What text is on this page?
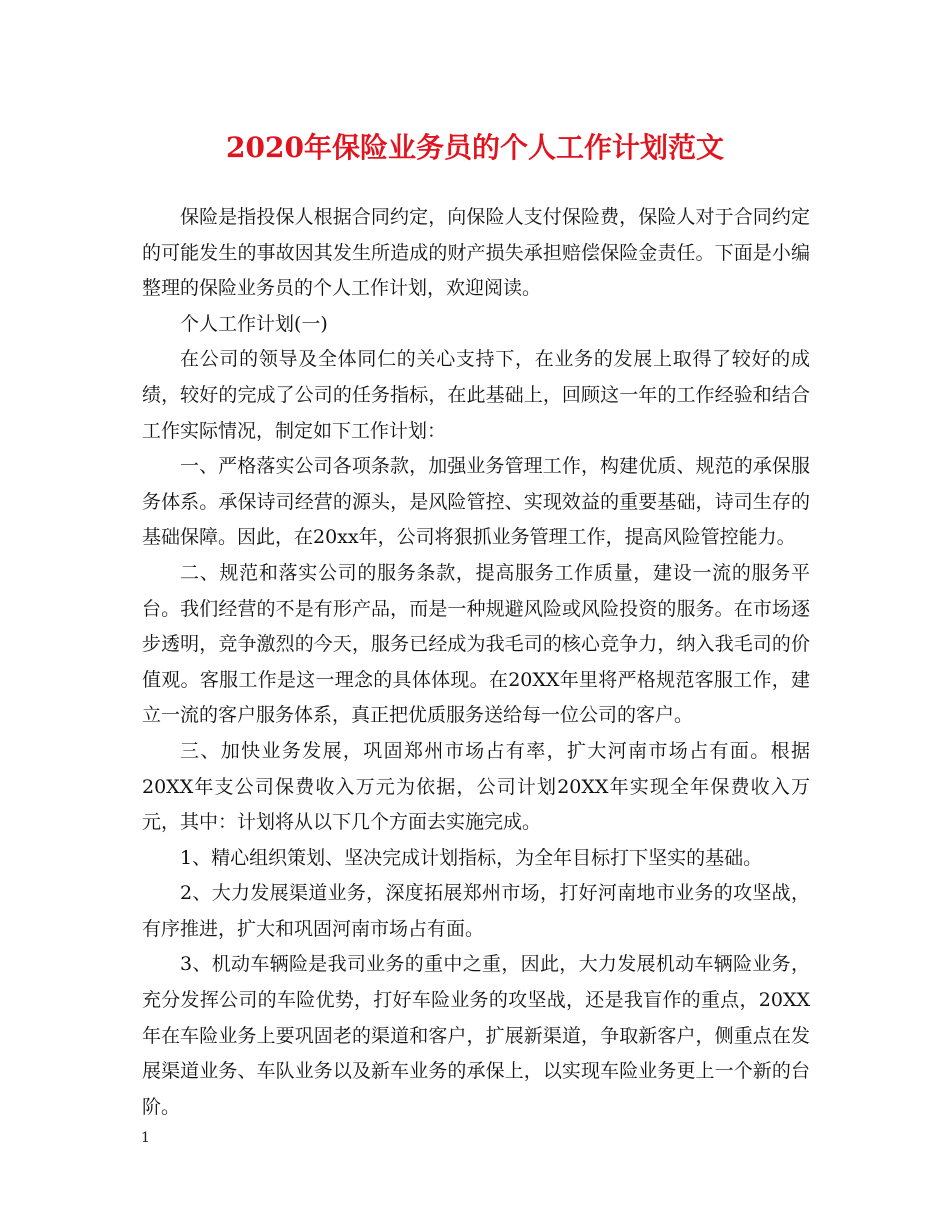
2020年保险业务员的个人工作计划范文

保险是指投保人根据合同约定，向保险人支付保险费，保险人对于合同约定的可能发生的事故因其发生所造成的财产损失承担赔偿保险金责任。下面是小编整理的保险业务员的个人工作计划，欢迎阅读。

个人工作计划(一)

在公司的领导及全体同仁的关心支持下，在业务的发展上取得了较好的成绩，较好的完成了公司的任务指标，在此基础上，回顾这一年的工作经验和结合工作实际情况，制定如下工作计划：

一、严格落实公司各项条款，加强业务管理工作，构建优质、规范的承保服务体系。承保诗司经营的源头，是风险管控、实现效益的重要基础，诗司生存的基础保障。因此，在20xx年，公司将狠抓业务管理工作，提高风险管控能力。

二、规范和落实公司的服务条款，提高服务工作质量，建设一流的服务平台。我们经营的不是有形产品，而是一种规避风险或风险投资的服务。在市场逐步透明，竞争激烈的今天，服务已经成为我毛司的核心竞争力，纳入我毛司的价值观。客服工作是这一理念的具体体现。在20XX年里将严格规范客服工作，建立一流的客户服务体系，真正把优质服务送给每一位公司的客户。

三、加快业务发展，巩固郑州市场占有率，扩大河南市场占有面。根据20XX年支公司保费收入万元为依据，公司计划20XX年实现全年保费收入万元，其中：计划将从以下几个方面去实施完成。

1、精心组织策划、坚决完成计划指标，为全年目标打下坚实的基础。

2、大力发展渠道业务，深度拓展郑州市场，打好河南地市业务的攻坚战，有序推进，扩大和巩固河南市场占有面。

3、机动车辆险是我司业务的重中之重，因此，大力发展机动车辆险业务，充分发挥公司的车险优势，打好车险业务的攻坚战，还是我盲作的重点，20XX年在车险业务上要巩固老的渠道和客户，扩展新渠道，争取新客户，侧重点在发展渠道业务、车队业务以及新车业务的承保上，以实现车险业务更上一个新的台阶。

1
